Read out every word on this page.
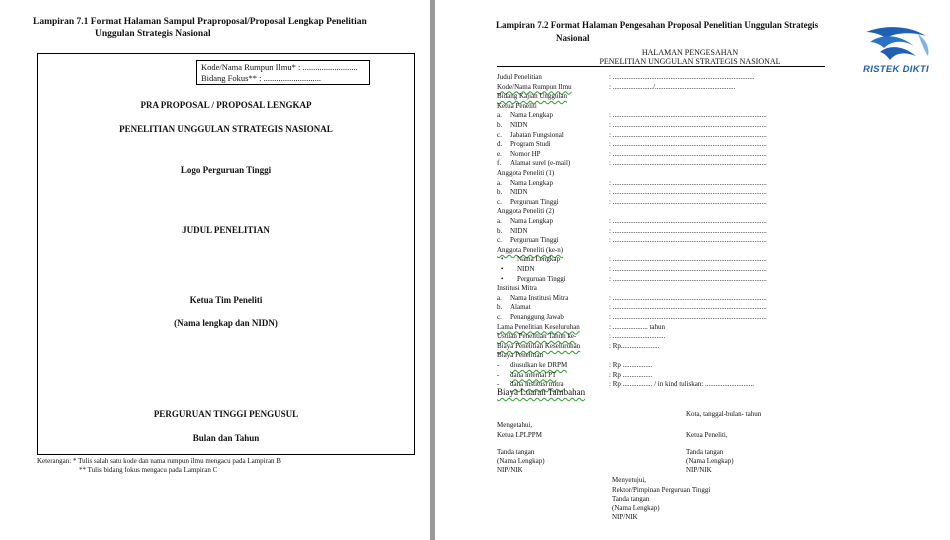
Lampiran 7.1 Format Halaman Sampul Praproposal/Proposal Lengkap Penelitian
Unggulan Strategis Nasional
Kode/Nama Rumpun Ilmu* : ..........................
Bidang Fokus** : ...........................
PRA PROPOSAL / PROPOSAL LENGKAP
PENELITIAN UNGGULAN STRATEGIS NASIONAL
Logo Perguruan Tinggi
JUDUL PENELITIAN
Ketua Tim Peneliti
(Nama lengkap dan NIDN)
PERGURUAN TINGGI PENGUSUL
Bulan dan Tahun
Keterangan: * Tulis salah satu kode dan nama rumpun ilmu mengacu pada Lampiran B
** Tulis bidang fokus mengacu pada Lampiran C
Lampiran 7.2 Format Halaman Pengesahan Proposal Penelitian Unggulan Strategis
Nasional
HALAMAN PENGESAHAN
PENELITIAN UNGGULAN STRATEGIS NASIONAL
Judul Penelitian	: .................................................................................
Kode/Nama Rumpun Ilmu	: ......................./..............................................
Bidang Kajian Unggulan
Ketua Peneliti
a.	Nama Lengkap	: ........................................................................................
b.	NIDN	: ........................................................................................
c.	Jabatan Fungsional	: ........................................................................................
d.	Program Studi	: ........................................................................................
e.	Nomor HP	: ........................................................................................
f.	Alamat surel (e-mail)	: ........................................................................................
Anggota Peneliti (1)
a.	Nama Lengkap	: ........................................................................................
b.	NIDN	: ........................................................................................
c.	Perguruan Tinggi	: ........................................................................................
Anggota Peneliti (2)
a.	Nama Lengkap	: ........................................................................................
b.	NIDN	: ........................................................................................
c.	Perguruan Tinggi	: ........................................................................................
Anggota Peneliti (ke-n)
• Nama Lengkap	: ........................................................................................
• NIDN	: ........................................................................................
• Perguruan Tinggi	: ........................................................................................
Institusi Mitra
a.	Nama Institusi Mitra	: ........................................................................................
b.	Alamat	: ........................................................................................
c.	Penanggung Jawab	: ........................................................................................
Lama Penelitian Keseluruhan	: .................... tahun
Usulan Penelitian Tahun ke-	: ..............................
Biaya Penelitian Keseluruhan	: Rp......................
Biaya Penelitian
-	diusulkan ke DRPM	: Rp .................
-	dana internal PT	: Rp .................
-	dana institusi mitra	: Rp ................. / in kind tuliskan: ............................
Biaya Luaran Tambahan
Kota, tanggal-bulan- tahun
Mengetahui,
Ketua LPLPPM	Ketua Peneliti,
Tanda tangan
(Nama Lengkap)
NIP/NIK
Tanda tangan
(Nama Lengkap)
NIP/NIK
Menyetujui,
Rektor/Pimpinan Perguruan Tinggi
Tanda tangan
(Nama Lengkap)
NIP/NIK
RISTEK DIKTI
